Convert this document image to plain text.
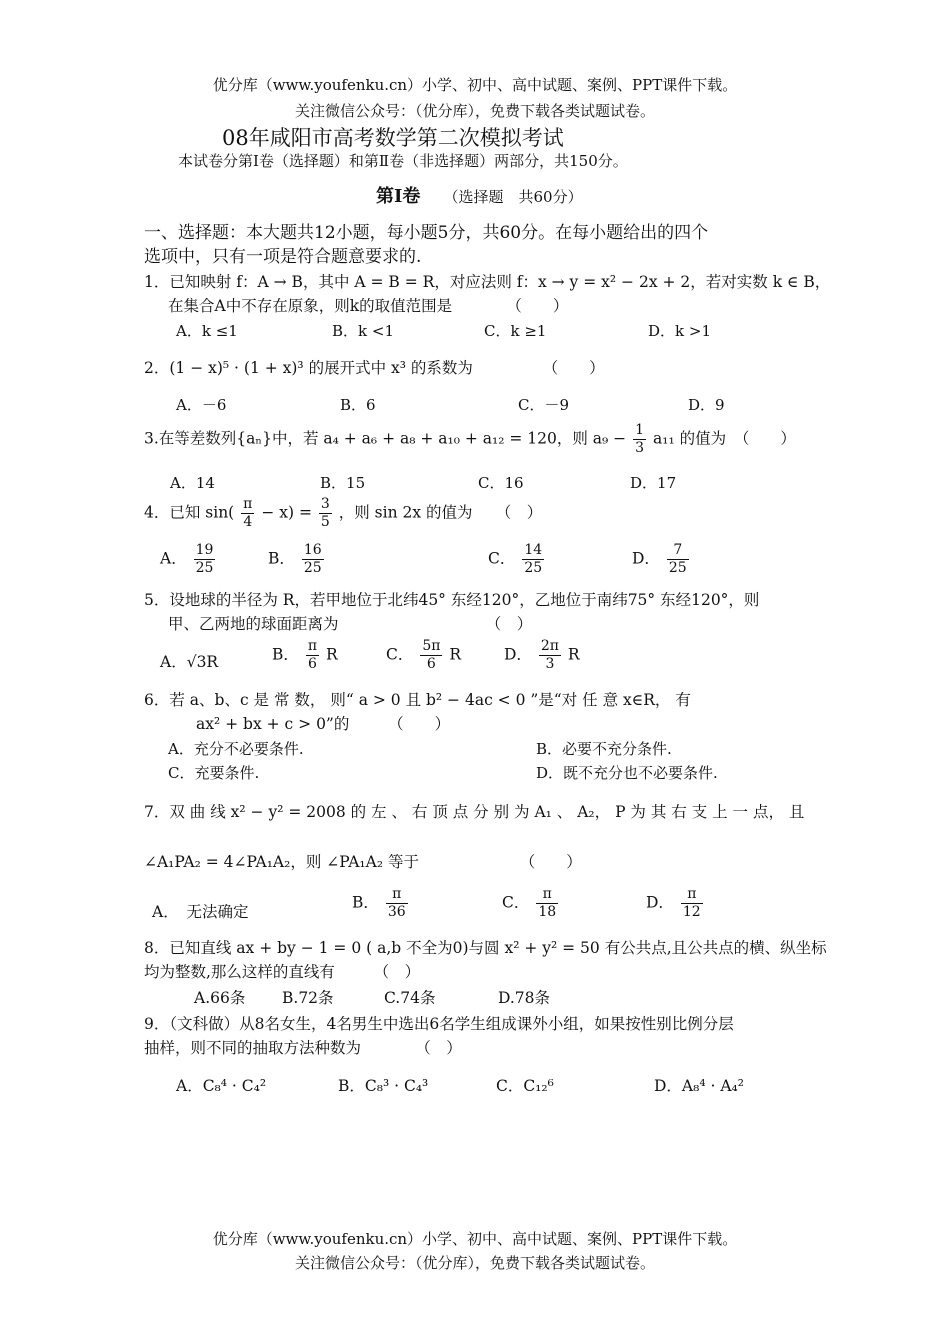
优分库（www.youfenku.cn）小学、初中、高中试题、案例、PPT课件下载。
关注微信公众号：（优分库），免费下载各类试题试卷。
08年咸阳市高考数学第二次模拟考试
本试卷分第Ⅰ卷（选择题）和第Ⅱ卷（非选择题）两部分，共150分。
第Ⅰ卷 （选择题　共60分）
一、选择题：本大题共12小题，每小题5分，共60分。在每小题给出的四个
选项中，只有一项是符合题意要求的.
1．已知映射 f：A → B，其中 A = B = R，对应法则 f：x → y = x² − 2x + 2，若对实数 k ∈ B，
在集合A中不存在原象，则k的取值范围是　　　　（　　）
A．k ≤1	B．k <1	C．k ≥1	D．k >1
2．(1 − x)⁵ · (1 + x)³ 的展开式中 x³ 的系数为　　　　　（　　）
A．－6	B．6	C．－9	D．9
3.在等差数列{aₙ}中，若 a₄ + a₆ + a₈ + a₁₀ + a₁₂ = 120，则 $a_9 - \frac{1}{3} a_{11}$ 的值为　（　　）
A．14	B．15	C．16	D．17
4．已知 $\sin( \frac{\pi}{4} - x) = \frac{3}{5}$ ，则 sin 2x 的值为　　（　）
A． $\frac{19}{25}$	B． $\frac{16}{25}$	C． $\frac{14}{25}$	D． $\frac{7}{25}$
5．设地球的半径为 R，若甲地位于北纬45° 东经120°，乙地位于南纬75° 东经120°，则
甲、乙两地的球面距离为　　　　　　　　　　（　）
A．√3R	B． $\frac{\pi}{6}$ R	C． $\frac{5\pi}{6}$ R	D． $\frac{2\pi}{3}$ R
6．若 a、b、c 是 常 数， 则“ a > 0 且 b² − 4ac < 0 ”是“对 任 意 x∈R， 有
ax² + bx + c > 0”的　　　（　　）
A．充分不必要条件.	B．必要不充分条件.
C．充要条件.	D．既不充分也不必要条件.
7．双 曲 线 x² − y² = 2008 的 左 、 右 顶 点 分 别 为 A₁ 、 A₂， P 为 其 右 支 上 一 点， 且
∠A₁PA₂ = 4∠PA₁A₂，则 ∠PA₁A₂ 等于　　　　　　　（　　）
A．　无法确定
B． $\frac{\pi}{36}$	C． $\frac{\pi}{18}$	D． $\frac{\pi}{12}$
8．已知直线 ax + by − 1 = 0 ( a,b 不全为0)与圆 x² + y² = 50 有公共点,且公共点的横、纵坐标
均为整数,那么这样的直线有　　　（　）
A.66条 B.72条	C.74条	D.78条
9．（文科做）从8名女生，4名男生中选出6名学生组成课外小组，如果按性别比例分层
抽样，则不同的抽取方法种数为　　　　（　）
A．C₈⁴ · C₄²	B．C₈³ · C₄³	C．C₁₂⁶	D．A₈⁴ · A₄²
优分库（www.youfenku.cn）小学、初中、高中试题、案例、PPT课件下载。
关注微信公众号：（优分库），免费下载各类试题试卷。
